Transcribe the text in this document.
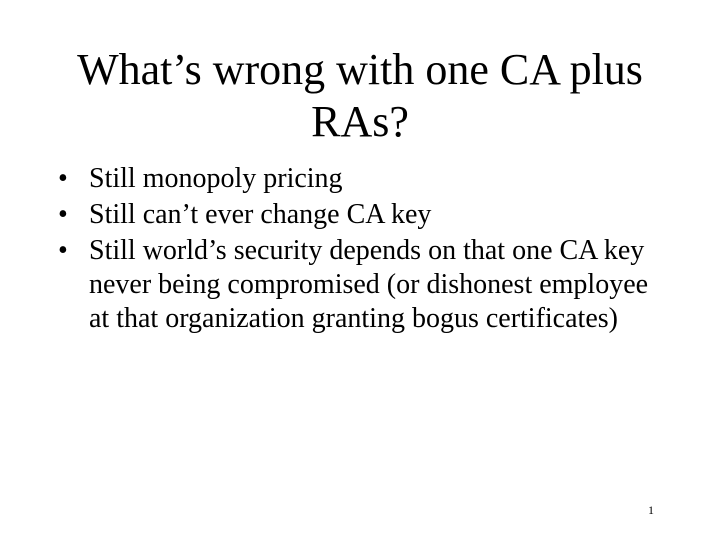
What’s wrong with one CA plus RAs?
• Still monopoly pricing
• Still can’t ever change CA key
• Still world’s security depends on that one CA key never being compromised (or dishonest employee at that organization granting bogus certificates)
1
